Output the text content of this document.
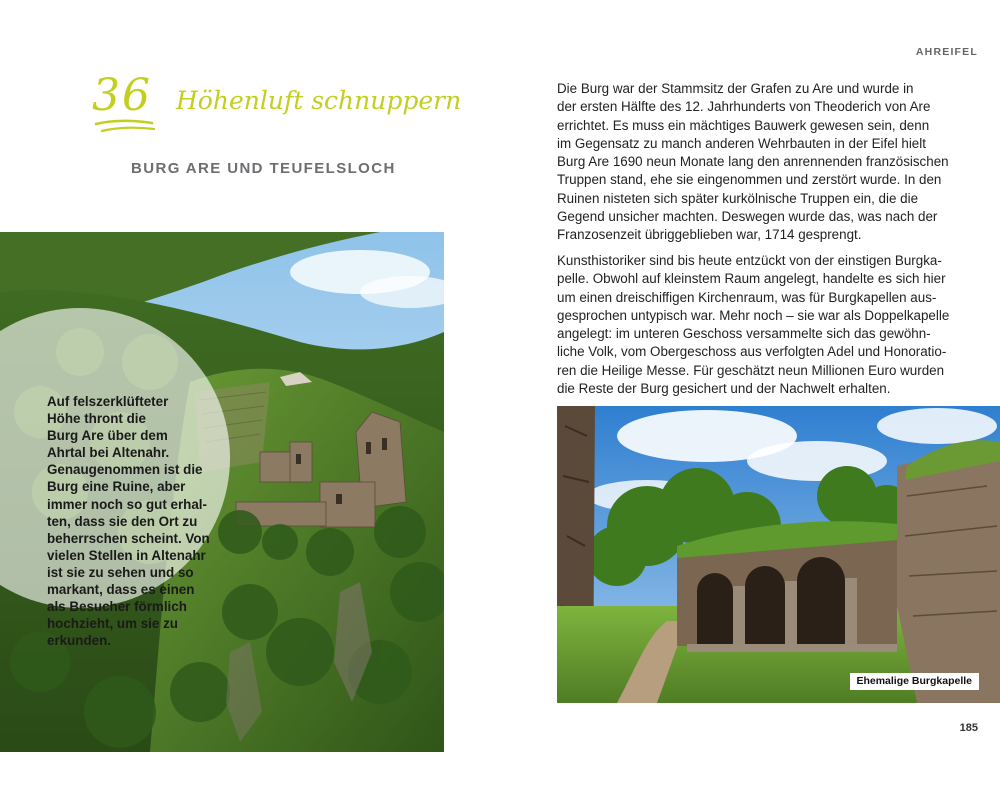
36 Höhenluft schnuppern
BURG ARE UND TEUFELSLOCH
Auf felszerklüfteter
Höhe thront die
Burg Are über dem
Ahrtal bei Altenahr.
Genaugenommen ist die
Burg eine Ruine, aber
immer noch so gut erhal-
ten, dass sie den Ort zu
beherrschen scheint. Von
vielen Stellen in Altenahr
ist sie zu sehen und so
markant, dass es einen
als Besucher förmlich
hochzieht, um sie zu
erkunden.
AHREIFEL
Die Burg war der Stammsitz der Grafen zu Are und wurde in
der ersten Hälfte des 12. Jahrhunderts von Theoderich von Are
errichtet. Es muss ein mächtiges Bauwerk gewesen sein, denn
im Gegensatz zu manch anderen Wehrbauten in der Eifel hielt
Burg Are 1690 neun Monate lang den anrennenden französischen
Truppen stand, ehe sie eingenommen und zerstört wurde. In den
Ruinen nisteten sich später kurkölnische Truppen ein, die die
Gegend unsicher machten. Deswegen wurde das, was nach der
Franzosenzeit übriggeblieben war, 1714 gesprengt.
Kunsthistoriker sind bis heute entzückt von der einstigen Burgka-
pelle. Obwohl auf kleinstem Raum angelegt, handelte es sich hier
um einen dreischiffigen Kirchenraum, was für Burgkapellen aus-
gesprochen untypisch war. Mehr noch – sie war als Doppelkapelle
angelegt: im unteren Geschoss versammelte sich das gewöhn-
liche Volk, vom Obergeschoss aus verfolgten Adel und Honoratio-
ren die Heilige Messe. Für geschätzt neun Millionen Euro wurden
die Reste der Burg gesichert und der Nachwelt erhalten.
Ehemalige Burgkapelle
185
